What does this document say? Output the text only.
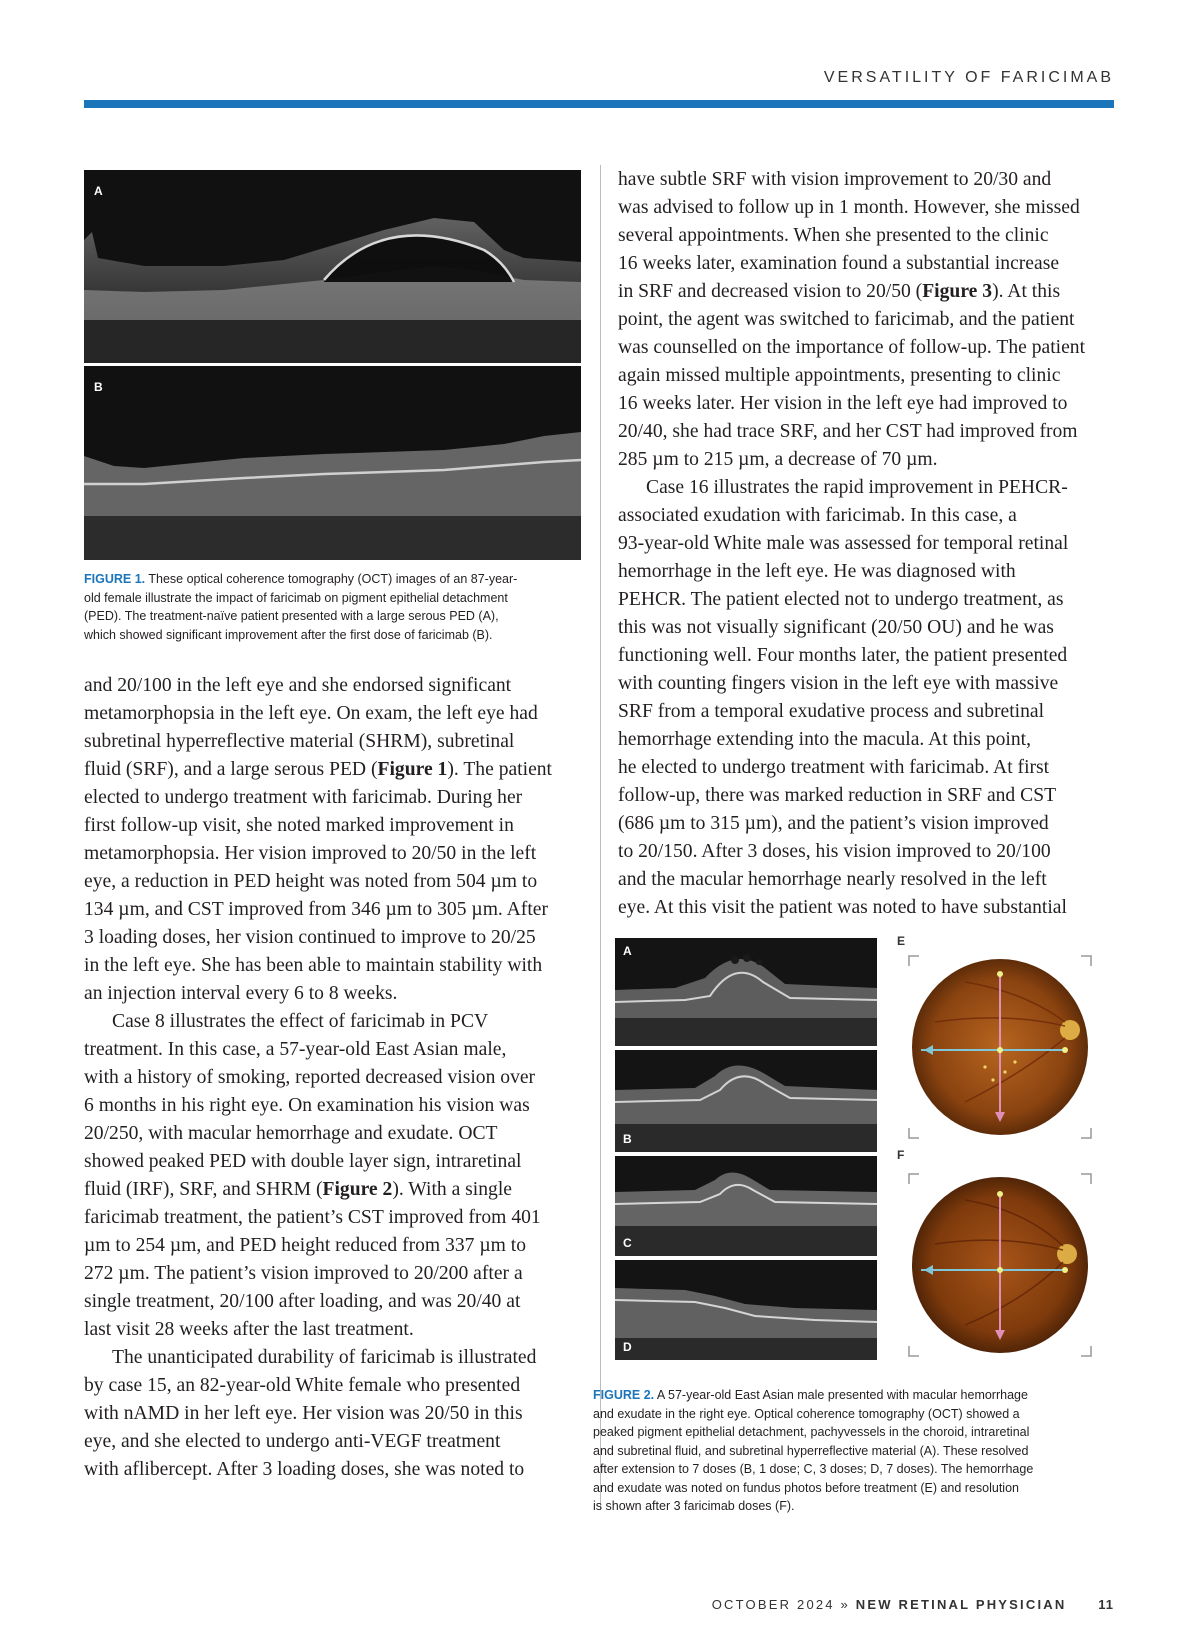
VERSATILITY OF FARICIMAB
A
B
FIGURE 1. These optical coherence tomography (OCT) images of an 87-year-
old female illustrate the impact of faricimab on pigment epithelial detachment
(PED). The treatment-naïve patient presented with a large serous PED (A),
which showed significant improvement after the first dose of faricimab (B).
and 20/100 in the left eye and she endorsed significant
metamorphopsia in the left eye. On exam, the left eye had
subretinal hyperreflective material (SHRM), subretinal
fluid (SRF), and a large serous PED (Figure 1). The patient
elected to undergo treatment with faricimab. During her
first follow-up visit, she noted marked improvement in
metamorphopsia. Her vision improved to 20/50 in the left
eye, a reduction in PED height was noted from 504 µm to
134 µm, and CST improved from 346 µm to 305 µm. After
3 loading doses, her vision continued to improve to 20/25
in the left eye. She has been able to maintain stability with
an injection interval every 6 to 8 weeks.
Case 8 illustrates the effect of faricimab in PCV
treatment. In this case, a 57-year-old East Asian male,
with a history of smoking, reported decreased vision over
6 months in his right eye. On examination his vision was
20/250, with macular hemorrhage and exudate. OCT
showed peaked PED with double layer sign, intraretinal
fluid (IRF), SRF, and SHRM (Figure 2). With a single
faricimab treatment, the patient’s CST improved from 401
µm to 254 µm, and PED height reduced from 337 µm to
272 µm. The patient’s vision improved to 20/200 after a
single treatment, 20/100 after loading, and was 20/40 at
last visit 28 weeks after the last treatment.
The unanticipated durability of faricimab is illustrated
by case 15, an 82-year-old White female who presented
with nAMD in her left eye. Her vision was 20/50 in this
eye, and she elected to undergo anti-VEGF treatment
with aflibercept. After 3 loading doses, she was noted to
have subtle SRF with vision improvement to 20/30 and
was advised to follow up in 1 month. However, she missed
several appointments. When she presented to the clinic
16 weeks later, examination found a substantial increase
in SRF and decreased vision to 20/50 (Figure 3). At this
point, the agent was switched to faricimab, and the patient
was counselled on the importance of follow-up. The patient
again missed multiple appointments, presenting to clinic
16 weeks later. Her vision in the left eye had improved to
20/40, she had trace SRF, and her CST had improved from
285 µm to 215 µm, a decrease of 70 µm.
Case 16 illustrates the rapid improvement in PEHCR-
associated exudation with faricimab. In this case, a
93-year-old White male was assessed for temporal retinal
hemorrhage in the left eye. He was diagnosed with
PEHCR. The patient elected not to undergo treatment, as
this was not visually significant (20/50 OU) and he was
functioning well. Four months later, the patient presented
with counting fingers vision in the left eye with massive
SRF from a temporal exudative process and subretinal
hemorrhage extending into the macula. At this point,
he elected to undergo treatment with faricimab. At first
follow-up, there was marked reduction in SRF and CST
(686 µm to 315 µm), and the patient’s vision improved
to 20/150. After 3 doses, his vision improved to 20/100
and the macular hemorrhage nearly resolved in the left
eye. At this visit the patient was noted to have substantial
A
B
C
D
E
F
FIGURE 2. A 57-year-old East Asian male presented with macular hemorrhage
and exudate in the right eye. Optical coherence tomography (OCT) showed a
peaked pigment epithelial detachment, pachyvessels in the choroid, intraretinal
and subretinal fluid, and subretinal hyperreflective material (A). These resolved
after extension to 7 doses (B, 1 dose; C, 3 doses; D, 7 doses). The hemorrhage
and exudate was noted on fundus photos before treatment (E) and resolution
is shown after 3 faricimab doses (F).
OCTOBER 2024 » NEW RETINAL PHYSICIAN 11
